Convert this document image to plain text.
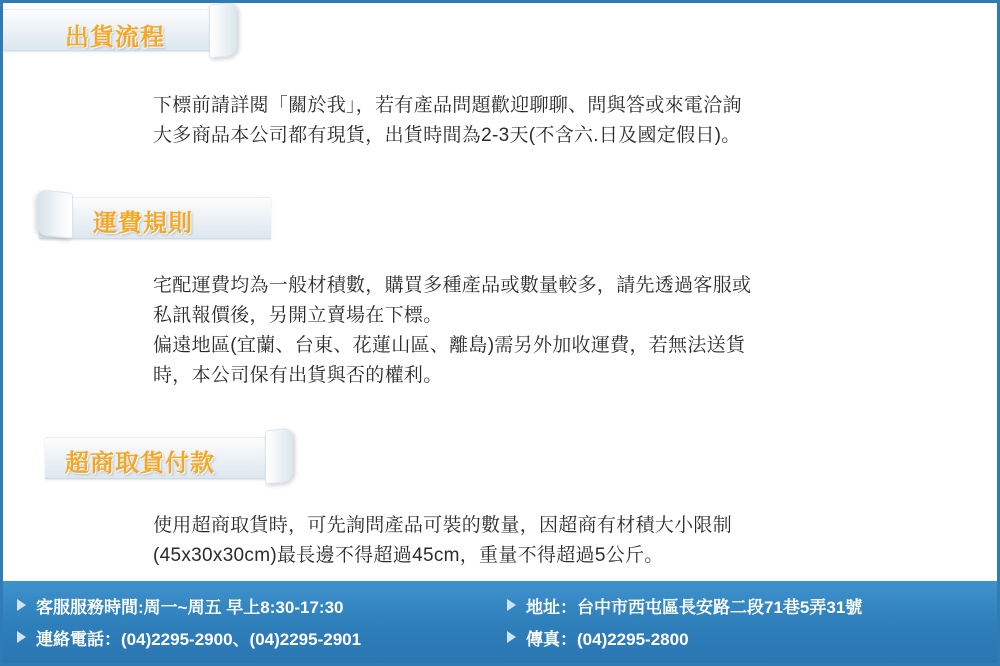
出貨流程
下標前請詳閱「關於我」，若有產品問題歡迎聊聊、問與答或來電洽詢
大多商品本公司都有現貨，出貨時間為2-3天(不含六.日及國定假日)。
運費規則
宅配運費均為一般材積數，購買多種產品或數量較多，請先透過客服或
私訊報價後，另開立賣場在下標。
偏遠地區(宜蘭、台東、花蓮山區、離島)需另外加收運費，若無法送貨
時，本公司保有出貨與否的權利。
超商取貨付款
使用超商取貨時，可先詢問產品可裝的數量，因超商有材積大小限制
(45x30x30cm)最長邊不得超過45cm，重量不得超過5公斤。
客服服務時間:周一~周五 早上8:30-17:30	地址：台中市西屯區長安路二段71巷5弄31號
連絡電話：(04)2295-2900、(04)2295-2901	傳真：(04)2295-2800
